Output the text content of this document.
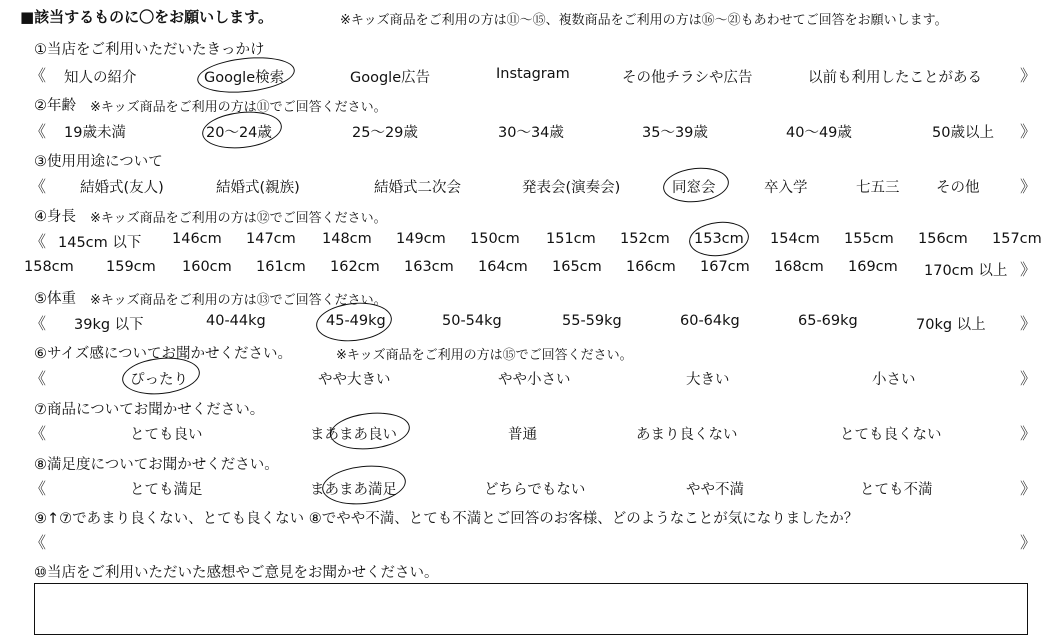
■該当するものに〇をお願いします。	※キッズ商品をご利用の方は⑪〜⑮、複数商品をご利用の方は⑯〜㉑もあわせてご回答をお願いします。
①当店をご利用いただいたきっかけ
《 知人の紹介	Google検索	Google広告	Instagram	その他チラシや広告	以前も利用したことがある 》
②年齢 ※キッズ商品をご利用の方は⑪でご回答ください。
《 19歳未満	20〜24歳	25〜29歳	30〜34歳	35〜39歳	40〜49歳	50歳以上 》
③使用用途について
《 結婚式(友人)	結婚式(親族)	結婚式二次会	発表会(演奏会)	同窓会	卒入学	七五三	その他	》
④身長 ※キッズ商品をご利用の方は⑫でご回答ください。
《 145cm 以下 146cm 147cm 148cm 149cm 150cm 151cm 152cm 153cm 154cm 155cm 156cm 157cm
158cm 159cm 160cm 161cm 162cm 163cm 164cm 165cm 166cm 167cm 168cm 169cm 170cm 以上 》
⑤体重 ※キッズ商品をご利用の方は⑬でご回答ください。
《 39kg 以下	40-44kg	45-49kg	50-54kg	55-59kg	60-64kg	65-69kg	70kg 以上 》
⑥サイズ感についてお聞かせください。	※キッズ商品をご利用の方は⑮でご回答ください。
《	ぴったり	やや大きい	やや小さい	大きい	小さい	》
⑦商品についてお聞かせください。
《	とても良い	まあまあ良い	普通	あまり良くない	とても良くない	》
⑧満足度についてお聞かせください。
《	とても満足	まあまあ満足	どちらでもない	やや不満	とても不満	》
⑨↑⑦であまり良くない、とても良くない ⑧でやや不満、とても不満とご回答のお客様、どのようなことが気になりましたか？
《	》
⑩当店をご利用いただいた感想やご意見をお聞かせください。
